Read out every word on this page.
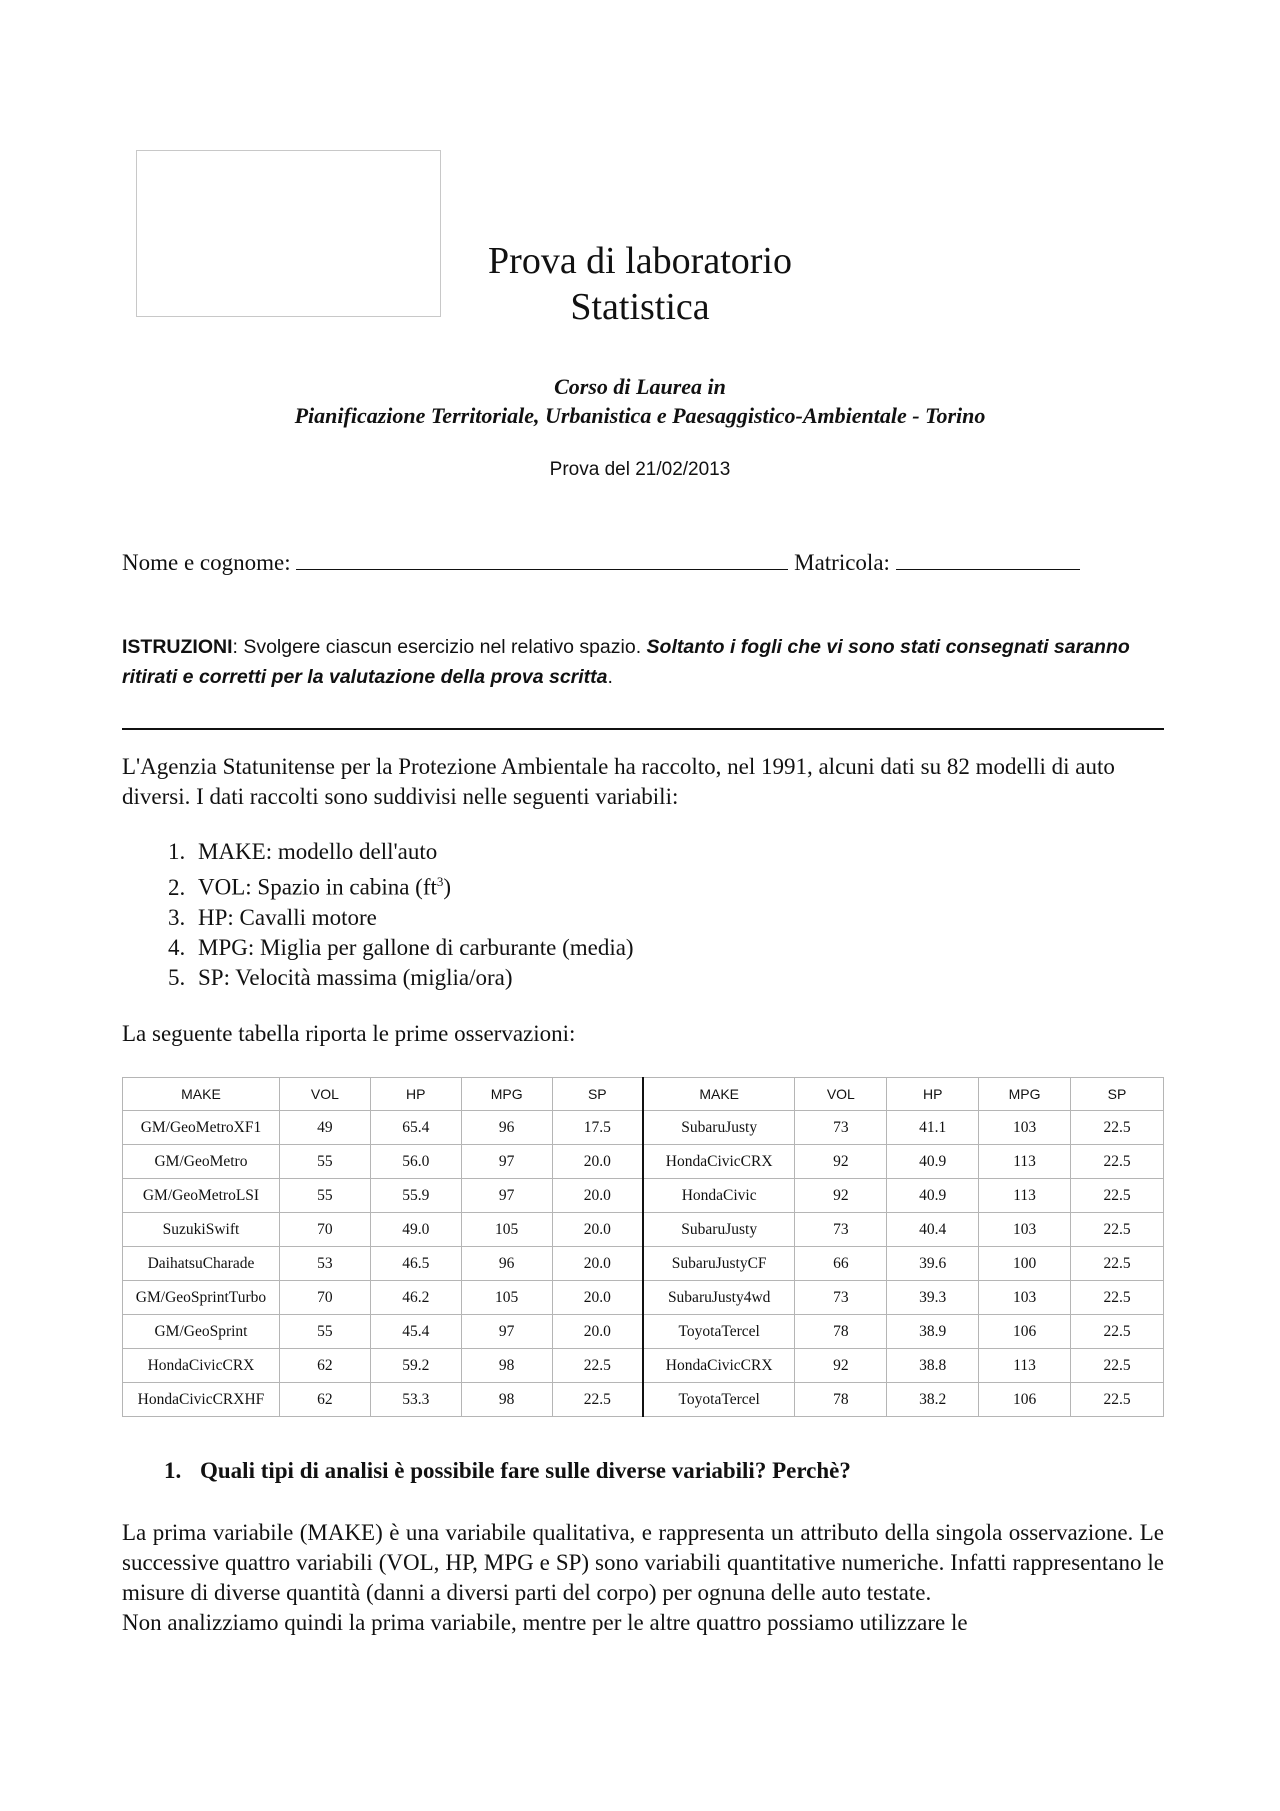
Prova di laboratorio
Statistica
Corso di Laurea in
Pianificazione Territoriale, Urbanistica e Paesaggistico-Ambientale - Torino
Prova del 21/02/2013
Nome e cognome:	Matricola:
ISTRUZIONI: Svolgere ciascun esercizio nel relativo spazio. Soltanto i fogli che vi sono stati consegnati saranno ritirati e corretti per la valutazione della prova scritta.
L'Agenzia Statunitense per la Protezione Ambientale ha raccolto, nel 1991, alcuni dati su 82 modelli di auto diversi. I dati raccolti sono suddivisi nelle seguenti variabili:
1. MAKE: modello dell'auto
2. VOL: Spazio in cabina $(ft^3)$
3. HP: Cavalli motore
4. MPG: Miglia per gallone di carburante (media)
5. SP: Velocità massima (miglia/ora)
La seguente tabella riporta le prime osservazioni:
MAKE	VOL	HP	MPG	SP	MAKE	VOL	HP	MPG	SP
GM/GeoMetroXF1	49	65.4	96	17.5	SubaruJusty	73	41.1	103	22.5
GM/GeoMetro	55	56.0	97	20.0	HondaCivicCRX	92	40.9	113	22.5
GM/GeoMetroLSI	55	55.9	97	20.0	HondaCivic	92	40.9	113	22.5
SuzukiSwift	70	49.0	105	20.0	SubaruJusty	73	40.4	103	22.5
DaihatsuCharade	53	46.5	96	20.0	SubaruJustyCF	66	39.6	100	22.5
GM/GeoSprintTurbo	70	46.2	105	20.0	SubaruJusty4wd	73	39.3	103	22.5
GM/GeoSprint	55	45.4	97	20.0	ToyotaTercel	78	38.9	106	22.5
HondaCivicCRX	62	59.2	98	22.5	HondaCivicCRX	92	38.8	113	22.5
HondaCivicCRXHF	62	53.3	98	22.5	ToyotaTercel	78	38.2	106	22.5
1. Quali tipi di analisi è possibile fare sulle diverse variabili? Perchè?

La prima variabile (MAKE) è una variabile qualitativa, e rappresenta un attributo della singola osservazione. Le successive quattro variabili (VOL, HP, MPG e SP) sono variabili quantitative numeriche. Infatti rappresentano le misure di diverse quantità (danni a diversi parti del corpo) per ognuna delle auto testate.

Non analizziamo quindi la prima variabile, mentre per le altre quattro possiamo utilizzare le
